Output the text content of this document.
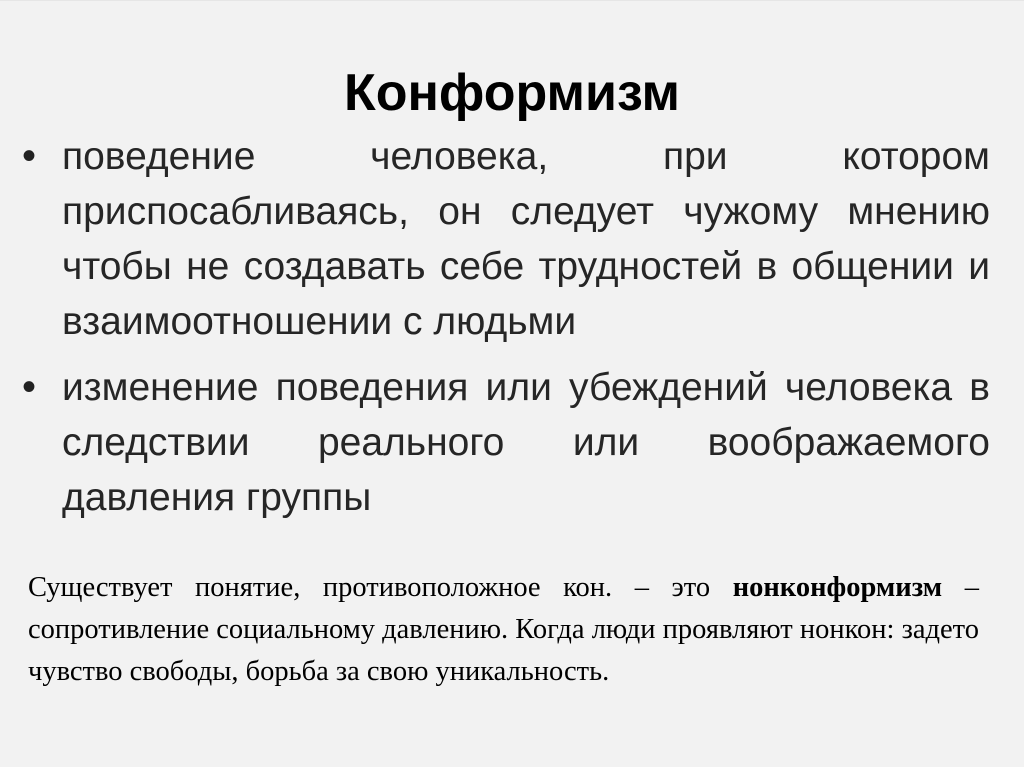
Конформизм
• поведение человека, при котором приспосабливаясь, он следует чужому мнению чтобы не создавать себе трудностей в общении и взаимоотношении с людьми
• изменение поведения или убеждений человека в следствии реального или воображаемого давления группы

Существует понятие, противоположное кон. – это нонконформизм – сопротивление социальному давлению. Когда люди проявляют нонкон: задето чувство свободы, борьба за свою уникальность.
